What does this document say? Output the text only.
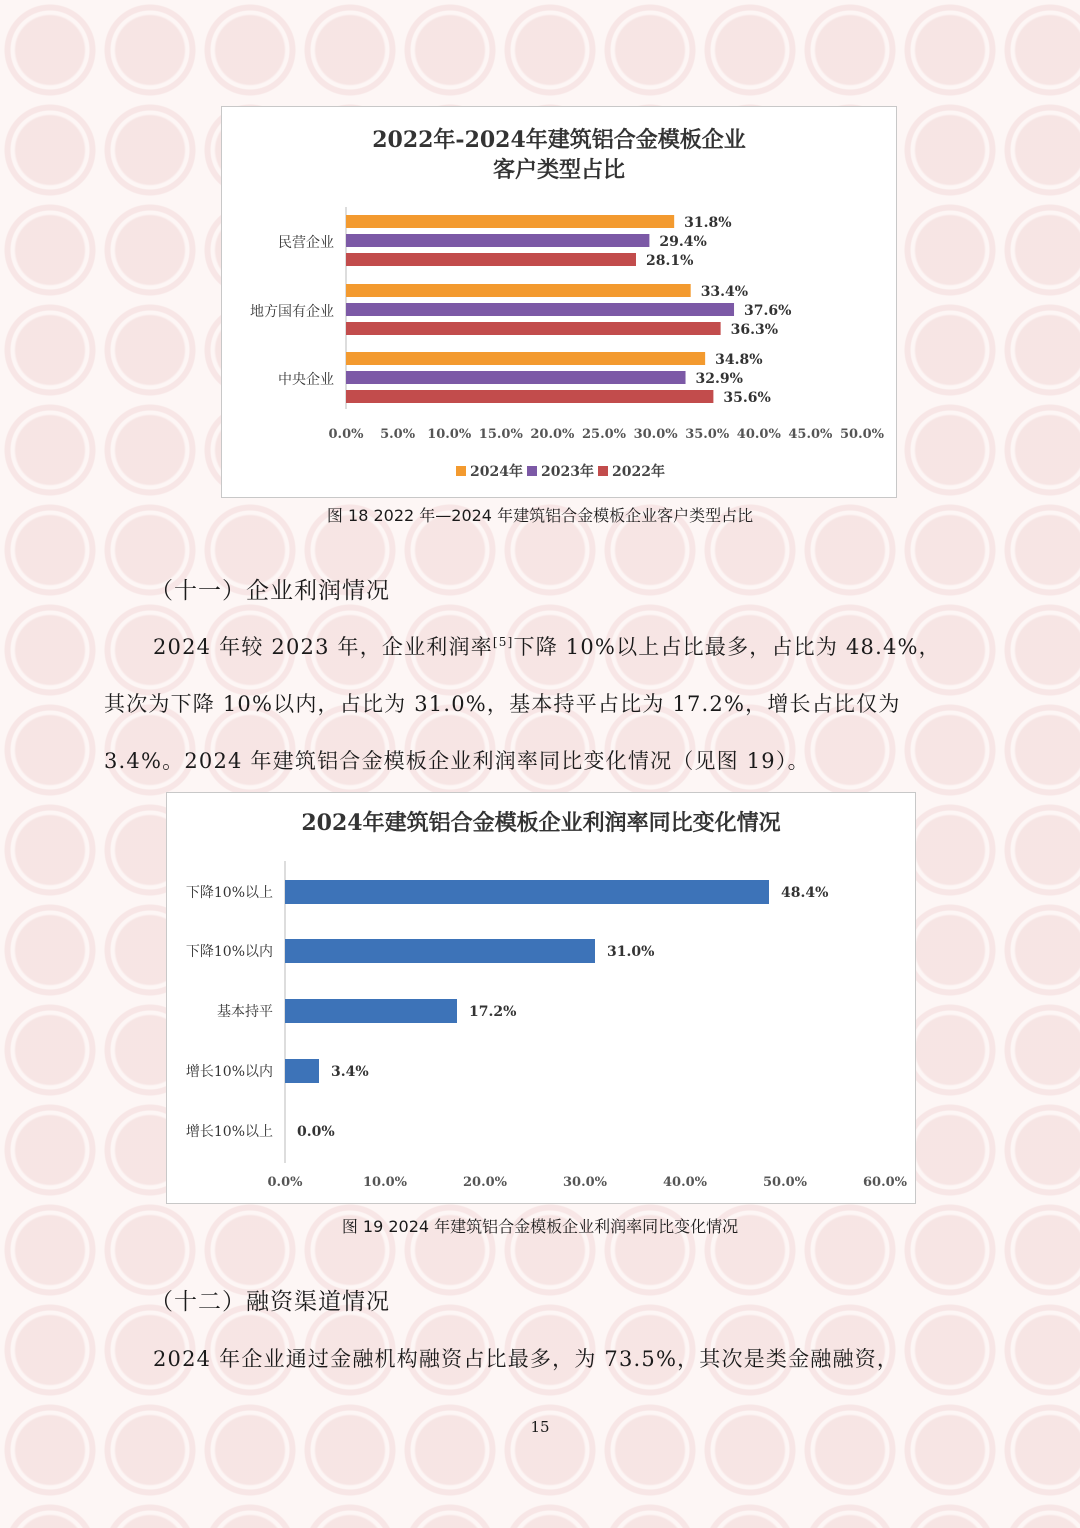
2022年-2024年建筑铝合金模板企业
客户类型占比
民营企业
31.8%
29.4%
28.1%
地方国有企业
33.4%
37.6%
36.3%
中央企业
34.8%
32.9%
35.6%
0.0% 5.0% 10.0% 15.0% 20.0% 25.0% 30.0% 35.0% 40.0% 45.0% 50.0%
2024年 2023年 2022年
图 18 2022 年—2024 年建筑铝合金模板企业客户类型占比
（十一）企业利润情况
2024 年较 2023 年，企业利润率[5]下降 10%以上占比最多，占比为 48.4%，
其次为下降 10%以内，占比为 31.0%，基本持平占比为 17.2%，增长占比仅为
3.4%。2024 年建筑铝合金模板企业利润率同比变化情况（见图 19）。
2024年建筑铝合金模板企业利润率同比变化情况
下降10%以上	48.4%
下降10%以内	31.0%
基本持平	17.2%
增长10%以内	3.4%
增长10%以上 0.0%
0.0%	10.0%	20.0%	30.0%	40.0%	50.0%	60.0%
图 19 2024 年建筑铝合金模板企业利润率同比变化情况
（十二）融资渠道情况
2024 年企业通过金融机构融资占比最多，为 73.5%，其次是类金融融资，
15
